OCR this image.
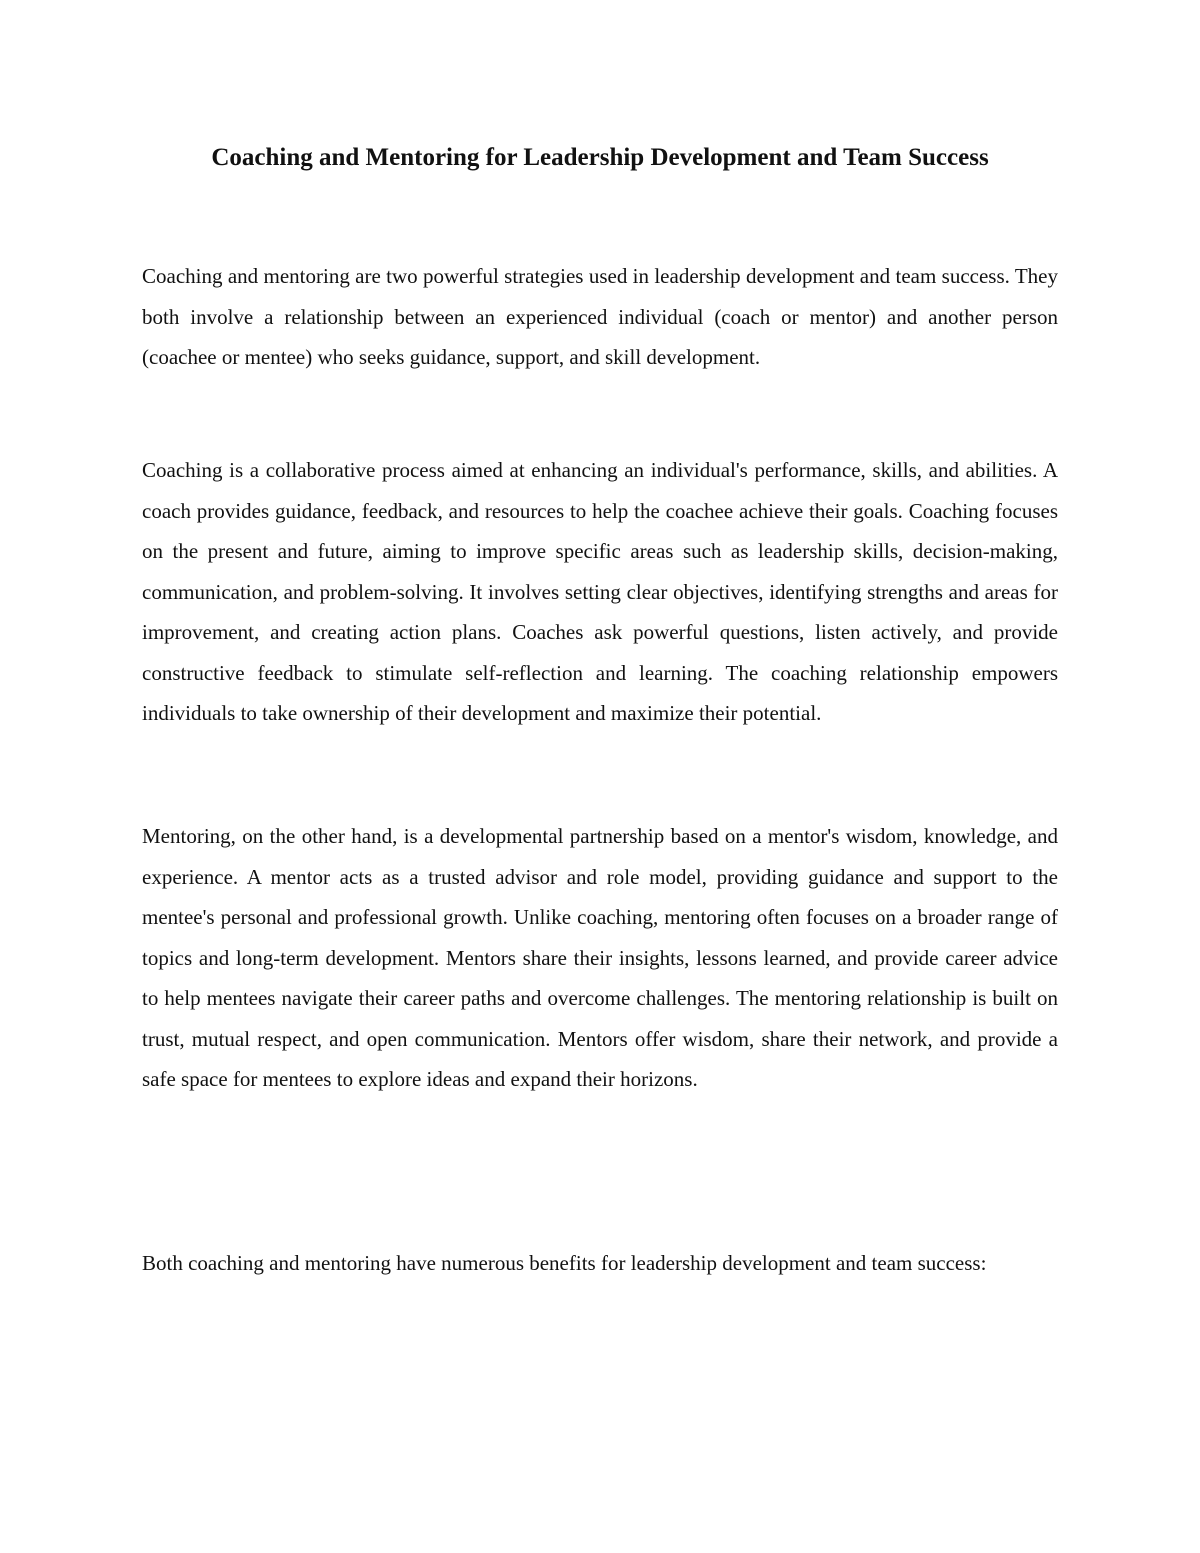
Coaching and Mentoring for Leadership Development and Team Success

Coaching and mentoring are two powerful strategies used in leadership development and team success. They both involve a relationship between an experienced individual (coach or mentor) and another person (coachee or mentee) who seeks guidance, support, and skill development.

Coaching is a collaborative process aimed at enhancing an individual's performance, skills, and abilities. A coach provides guidance, feedback, and resources to help the coachee achieve their goals. Coaching focuses on the present and future, aiming to improve specific areas such as leadership skills, decision-making, communication, and problem-solving. It involves setting clear objectives, identifying strengths and areas for improvement, and creating action plans. Coaches ask powerful questions, listen actively, and provide constructive feedback to stimulate self-reflection and learning. The coaching relationship empowers individuals to take ownership of their development and maximize their potential.

Mentoring, on the other hand, is a developmental partnership based on a mentor's wisdom, knowledge, and experience. A mentor acts as a trusted advisor and role model, providing guidance and support to the mentee's personal and professional growth. Unlike coaching, mentoring often focuses on a broader range of topics and long-term development. Mentors share their insights, lessons learned, and provide career advice to help mentees navigate their career paths and overcome challenges. The mentoring relationship is built on trust, mutual respect, and open communication. Mentors offer wisdom, share their network, and provide a safe space for mentees to explore ideas and expand their horizons.

Both coaching and mentoring have numerous benefits for leadership development and team success:
